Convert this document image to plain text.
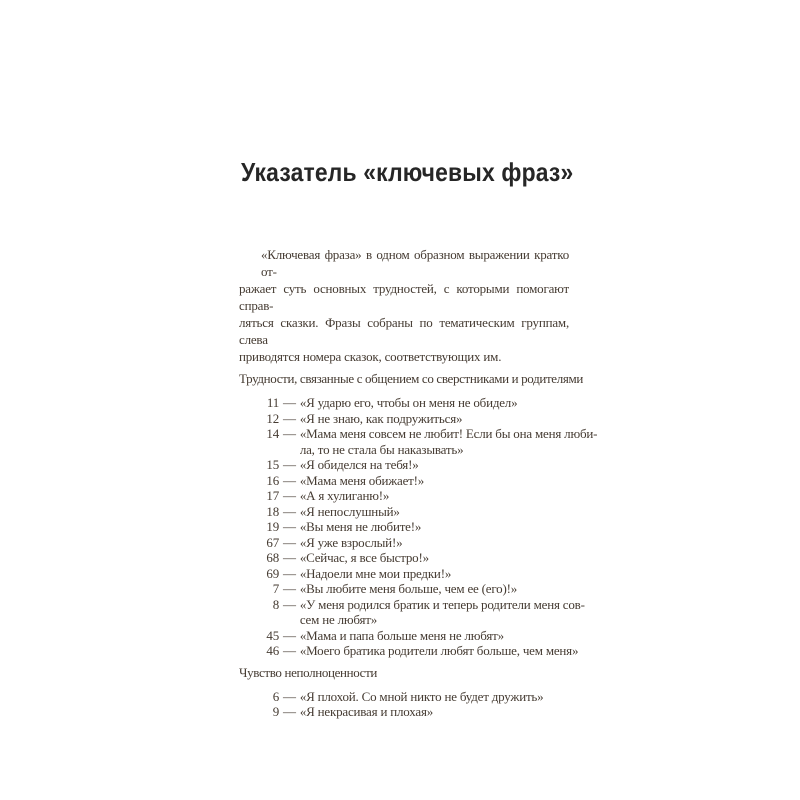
Указатель «ключевых фраз»
«Ключевая фраза» в одном образном выражении кратко от-
ражает суть основных трудностей, с которыми помогают справ-
ляться сказки. Фразы собраны по тематическим группам, слева
приводятся номера сказок, соответствующих им.
Трудности, связанные с общением со сверстниками и родителями
11 — «Я ударю его, чтобы он меня не обидел»
12 — «Я не знаю, как подружиться»
14 — «Мама меня совсем не любит! Если бы она меня люби-
ла, то не стала бы наказывать»
15 — «Я обиделся на тебя!»
16 — «Мама меня обижает!»
17 — «А я хулиганю!»
18 — «Я непослушный»
19 — «Вы меня не любите!»
67 — «Я уже взрослый!»
68 — «Сейчас, я все быстро!»
69 — «Надоели мне мои предки!»
7 — «Вы любите меня больше, чем ее (его)!»
8 — «У меня родился братик и теперь родители меня сов-
сем не любят»
45 — «Мама и папа больше меня не любят»
46 — «Моего братика родители любят больше, чем меня»
Чувство неполноценности
6 — «Я плохой. Со мной никто не будет дружить»
9 — «Я некрасивая и плохая»
